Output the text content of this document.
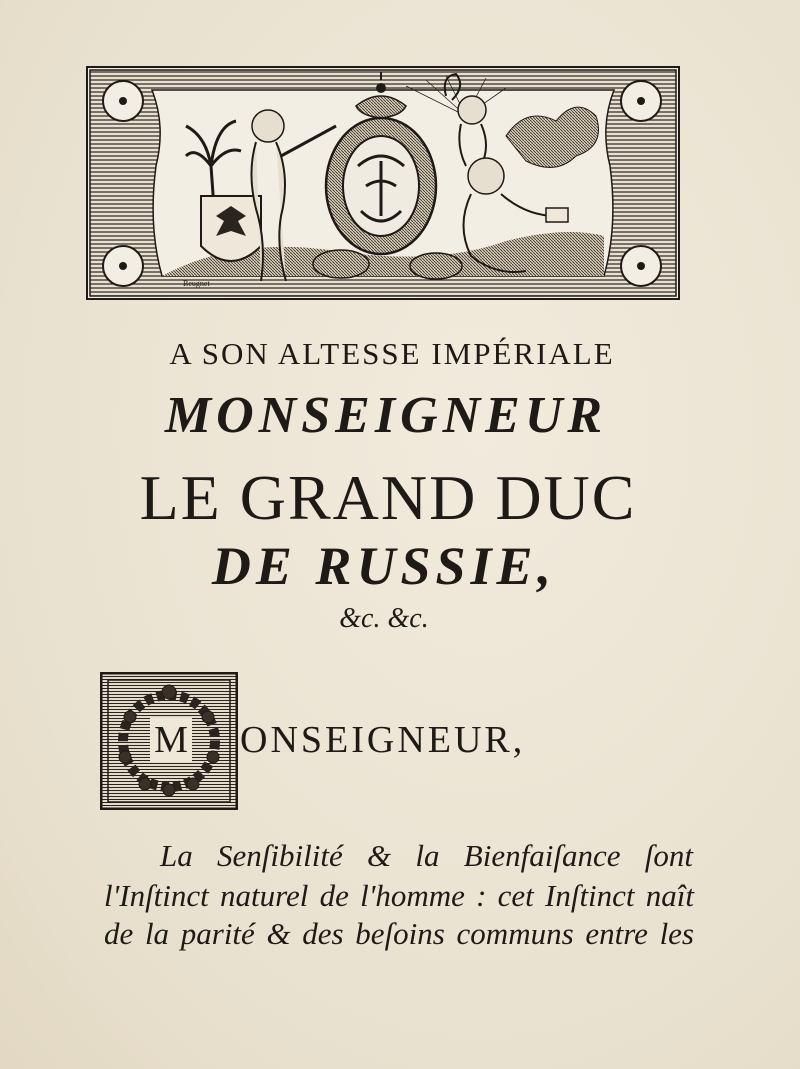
Beugnet

A SON ALTESSE IMPÉRIALE

MONSEIGNEUR

LE GRAND DUC

DE RUSSIE,

&c. &c.

M ONSEIGNEUR,

La Senſibilité & la Bienfaiſance ſont

l'Inſtinct naturel de l'homme : cet Inſtinct naît

de la parité & des beſoins communs entre les
